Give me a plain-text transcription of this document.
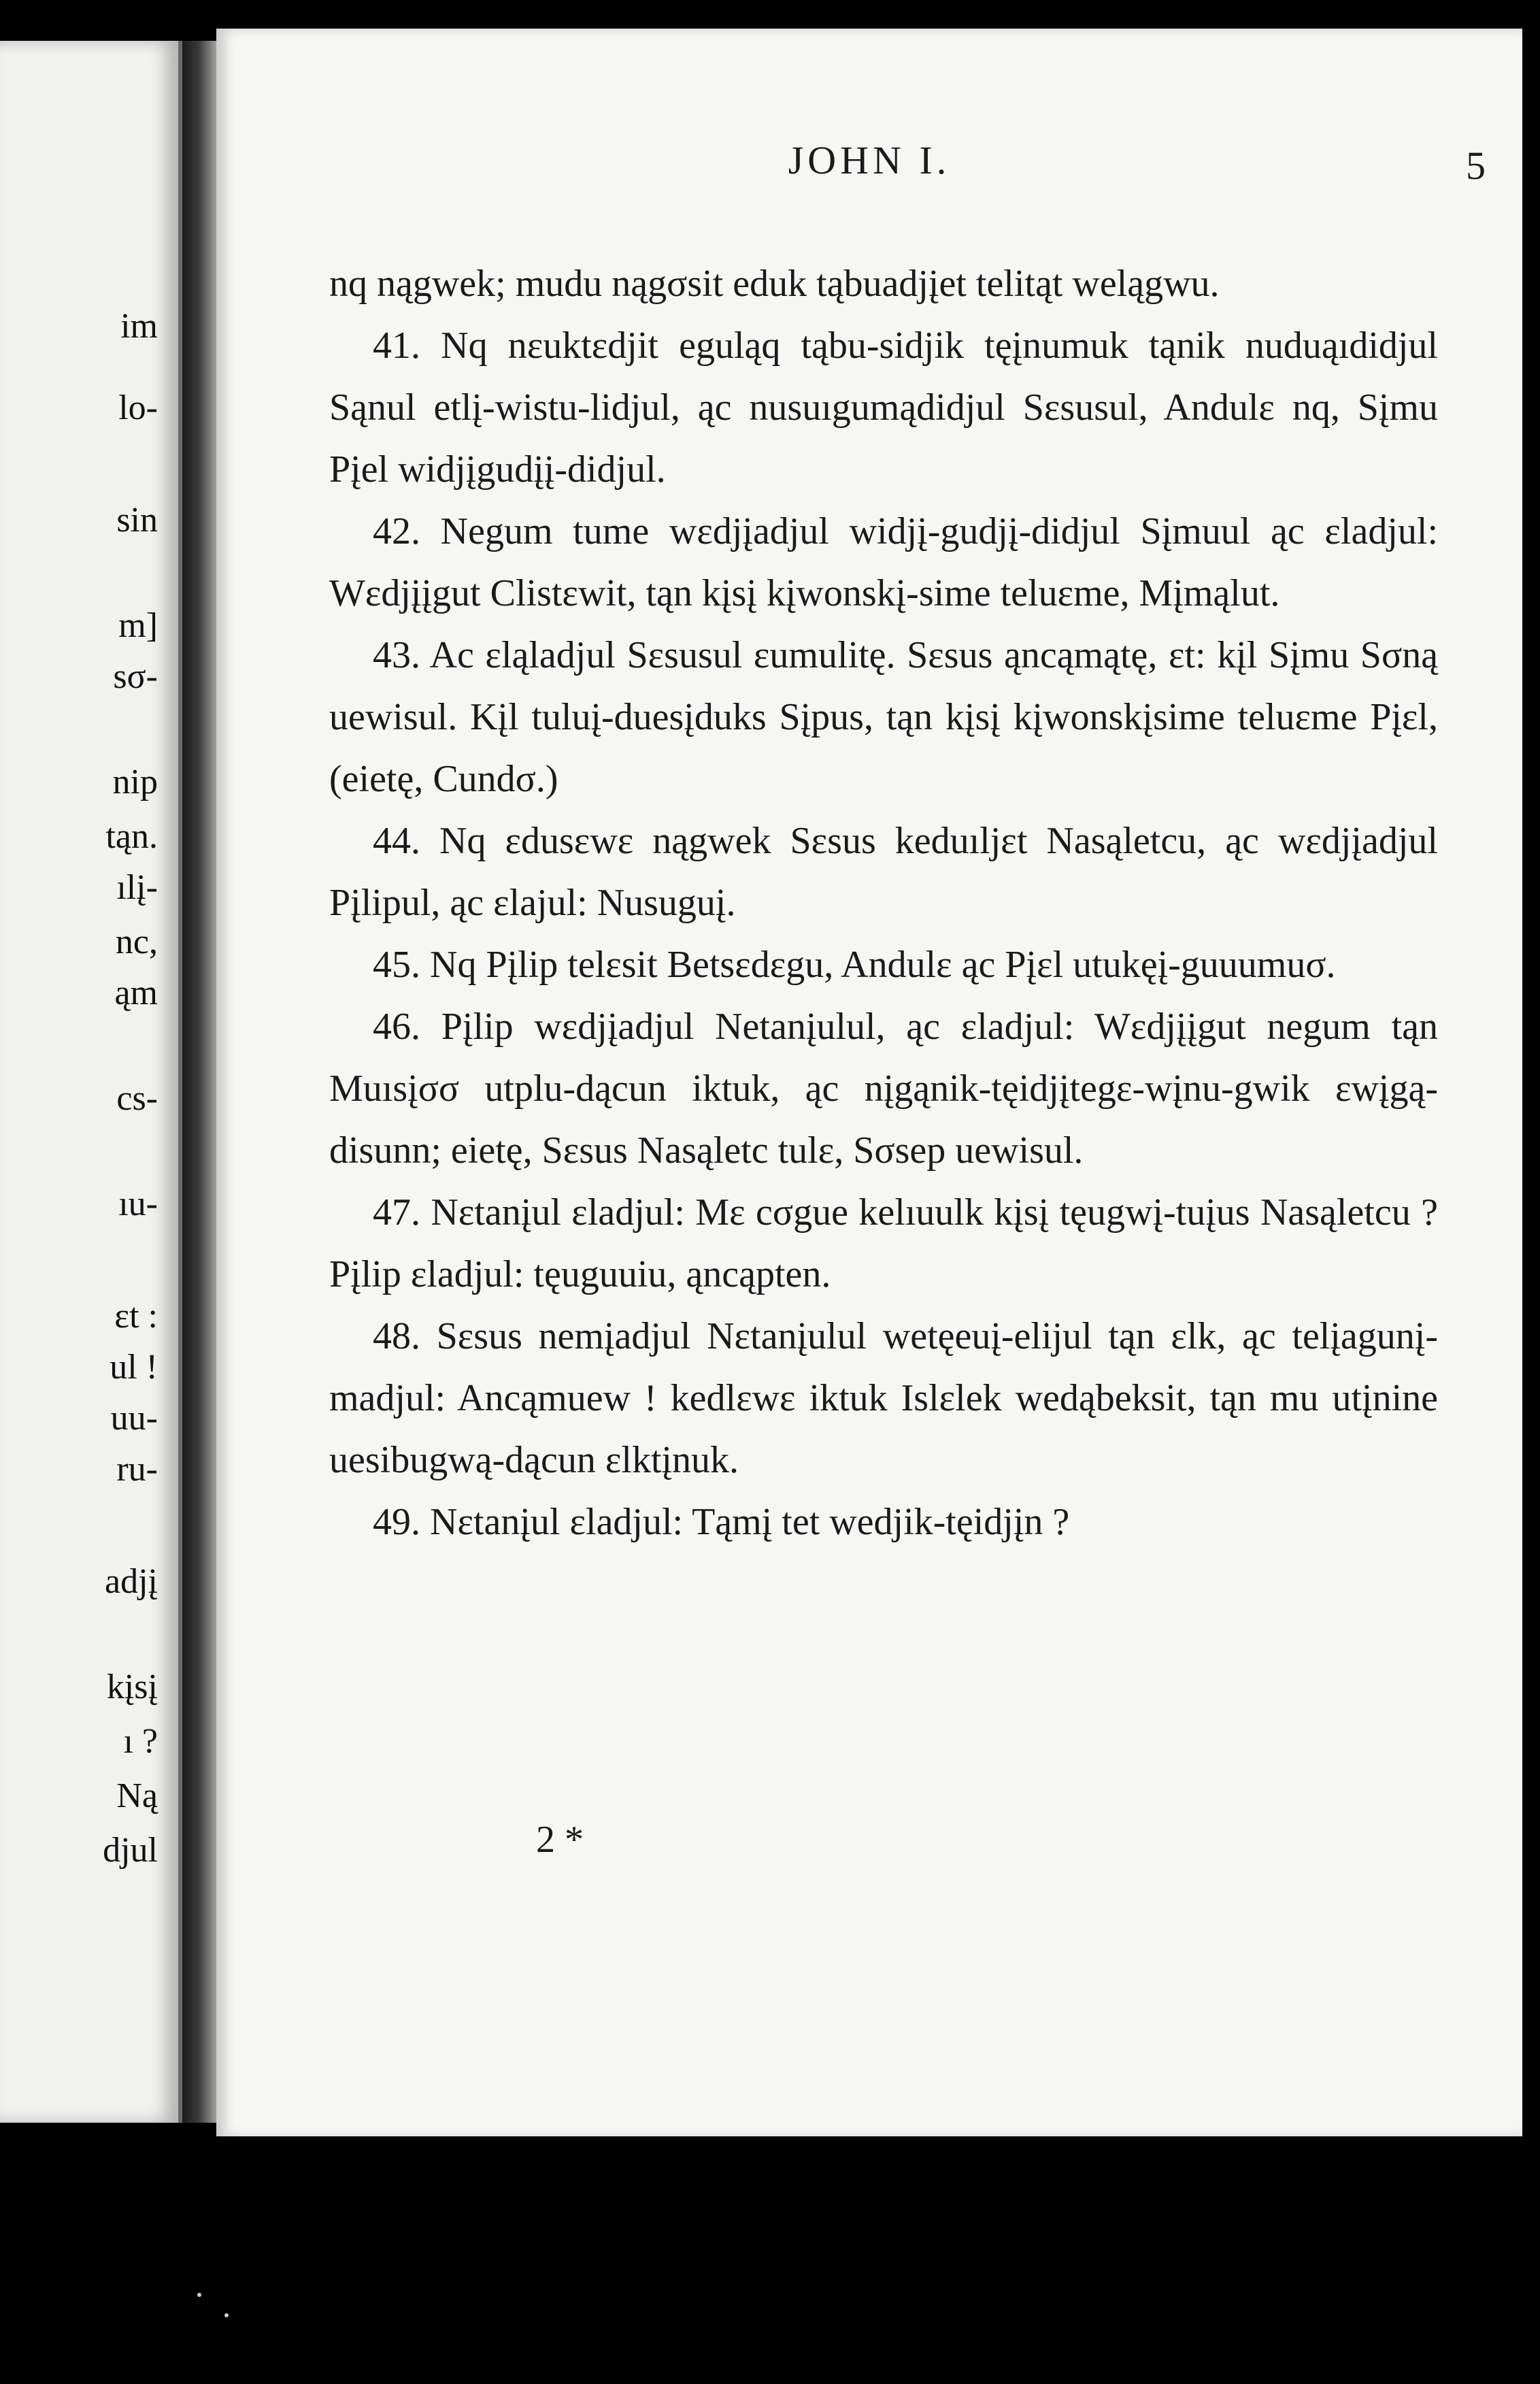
im
lo-
sin
m]
sσ-
nip
tąn.
ılį-
nc,
ąm
cs-
ıu-
εt :
ul !
uu-
ru-
adjį
kįsį
ı ?
Ną
djul
JOHN I.	5

nq nągwek; mudu nągσsit eduk tąbuadjįet telitąt welągwu.

41. Nq nεuktεdjit eguląq tąbu-sidjik tęįnumuk tąnik nuduąıdidjul Sąnul etlį-wistu-lidjul, ąc nusuıgumądidjul Sεsusul, Andulε nq, Sįmu Pįel widjįgudįį-didjul.

42. Negum tume wεdjįadjul widjį-gudjį-didjul Sįmuul ąc εladjul: Wεdjįįgut Clistεwit, tąn kįsį kįwonskį-sime teluεme, Mįmąlut.

43. Ac εląladjul Sεsusul εumulitę. Sεsus ąncąmątę, εt: kįl Sįmu Sσną uewisul. Kįl tuluį-duesįduks Sįpus, tąn kįsį kįwonskįsime teluεme Pįεl, (eietę, Cundσ.)

44. Nq εdusεwε nągwek Sεsus keduıljεt Nasąletcu, ąc wεdjįadjul Pįlipul, ąc εlajul: Nusuguį.

45. Nq Pįlip telεsit Betsεdεgu, Andulε ąc Pįεl utukęį-guuumuσ.

46. Pįlip wεdjįadjul Netanįulul, ąc εladjul: Wεdjįįgut negum tąn Muısįσσ utplu-dącun iktuk, ąc nįgąnik-tęidjįtegε-wįnu-gwik εwįgą-disunn; eietę, Sεsus Nasąletc tulε, Sσsep uewisul.

47. Nεtanįul εladjul: Mε cσgue kelıuulk kįsį tęugwį-tuįus Nasąletcu ? Pįlip εladjul: tęuguuiu, ąncąpten.

48. Sεsus nemįadjul Nεtanįulul wetęeuį-elijul tąn εlk, ąc telįagunį-madjul: Ancąmuew ! kedlεwε iktuk Islεlek wedąbeksit, tąn mu utįnine uesibugwą-dącun εlktįnuk.

49. Nεtanįul εladjul: Tąmį tet wedjik-tęidjįn ?

2 *
